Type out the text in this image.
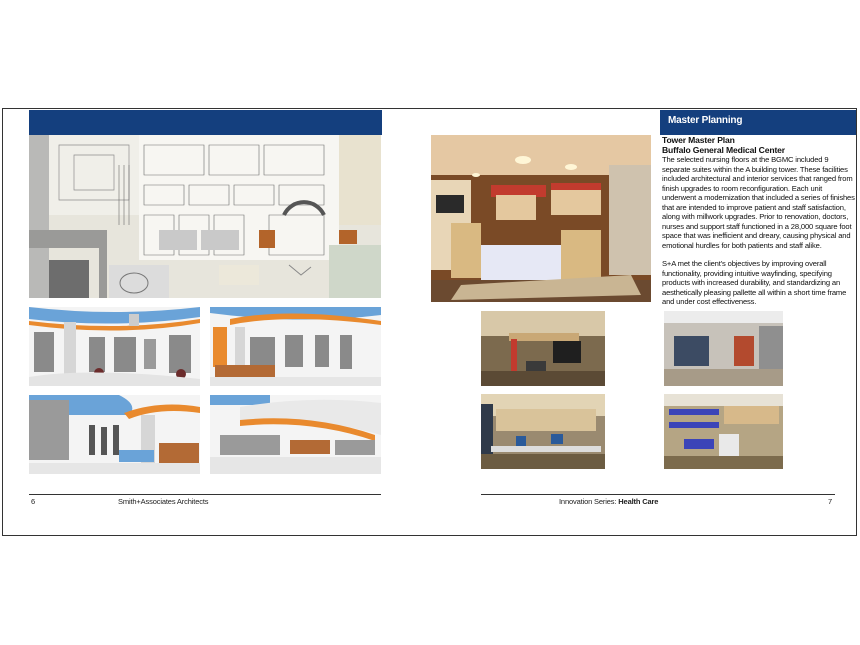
Master Planning
Tower Master Plan
Buffalo General Medical Center

The selected nursing floors at the BGMC included 9 separate suites within the A building tower. These facilities included architectural and interior services that ranged from finish upgrades to room reconfiguration. Each unit underwent a modernization that included a series of finishes that are intended to improve patient and staff satisfaction, along with millwork upgrades. Prior to renovation, doctors, nurses and support staff functioned in a 28,000 square foot space that was inefficient and dreary, causing physical and emotional hurdles for both patients and staff alike.

S+A met the client's objectives by improving overall functionality, providing intuitive wayfinding, specifying products with increased durability, and standardizing an aesthetically pleasing pallette all within a short time frame and under cost effectiveness.

6	Smith+Associates Architects	Innovation Series: Health Care	7
